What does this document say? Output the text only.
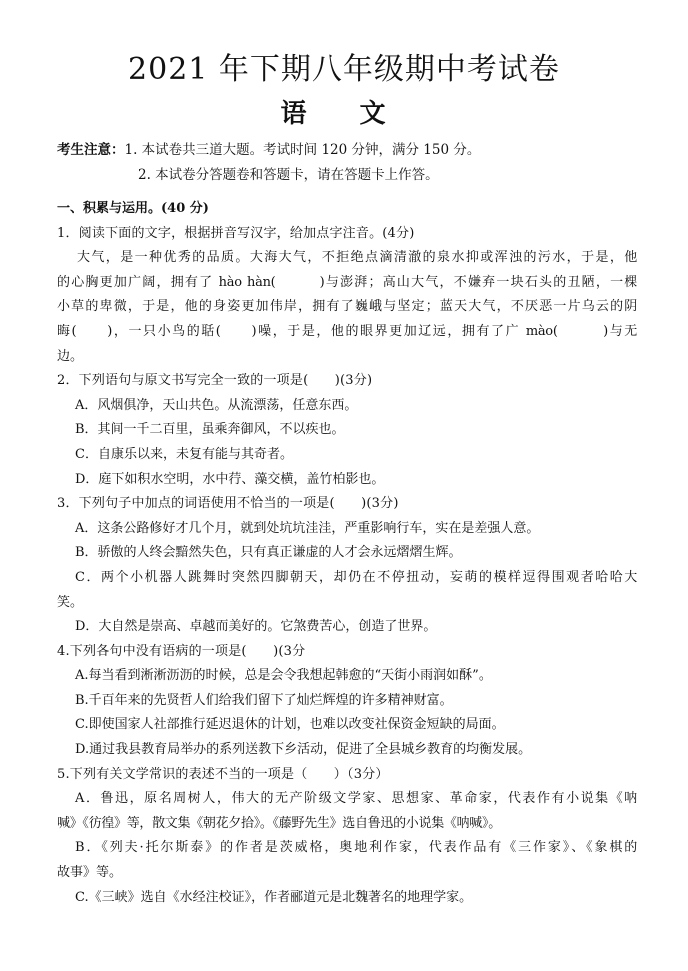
2021 年下期八年级期中考试卷
语 文
考生注意：1. 本试卷共三道大题。考试时间 120 分钟，满分 150 分。
2. 本试卷分答题卷和答题卡，请在答题卡上作答。
一、积累与运用。(40 分)
1．阅读下面的文字，根据拼音写汉字，给加点字注音。(4分)
大气，是一种优秀的品质。大海大气，不拒绝点滴清澈的泉水抑或浑浊的污水，于是，他
的心胸更加广阔，拥有了 hào hàn(　　　)与澎湃；高山大气，不嫌弃一块石头的丑陋，一棵
小草的卑微，于是，他的身姿更加伟岸，拥有了巍峨与坚定；蓝天大气，不厌恶一片乌云的阴
晦(　　)，一只小鸟的聒(　　)噪，于是，他的眼界更加辽远，拥有了广 mào(　　　)与无
边。
2．下列语句与原文书写完全一致的一项是(　　)(3分)
A．风烟俱净，天山共色。从流漂荡，任意东西。
B．其间一千二百里，虽乘奔御风，不以疾也。
C．自康乐以来，未复有能与其奇者。
D．庭下如积水空明，水中荇、藻交横，盖竹柏影也。
3．下列句子中加点的词语使用不恰当的一项是(　　)(3分)
A．这条公路修好才几个月，就到处坑坑洼洼，严重影响行车，实在是差强人意。
B．骄傲的人终会黯然失色，只有真正谦虚的人才会永远熠熠生辉。
C．两个小机器人跳舞时突然四脚朝天，却仍在不停扭动，妄萌的模样逗得围观者哈哈大
笑。
D．大自然是崇高、卓越而美好的。它煞费苦心，创造了世界。
4.下列各句中没有语病的一项是(　　)(3分
A.每当看到淅淅沥沥的时候，总是会令我想起韩愈的“天街小雨润如酥”。
B.千百年来的先贤哲人们给我们留下了灿烂辉煌的许多精神财富。
C.即使国家人社部推行延迟退休的计划，也难以改变社保资金短缺的局面。
D.通过我县教育局举办的系列送教下乡活动，促进了全县城乡教育的均衡发展。
5.下列有关文学常识的表述不当的一项是（　　）（3分）
A．鲁迅，原名周树人，伟大的无产阶级文学家、思想家、革命家，代表作有小说集《呐
喊》《彷徨》等，散文集《朝花夕拾》。《藤野先生》选自鲁迅的小说集《呐喊》。
B．《列夫·托尔斯泰》的作者是茨威格，奥地利作家，代表作品有《三作家》、《象棋的
故事》等。
C.《三峡》选自《水经注校证》，作者郦道元是北魏著名的地理学家。
